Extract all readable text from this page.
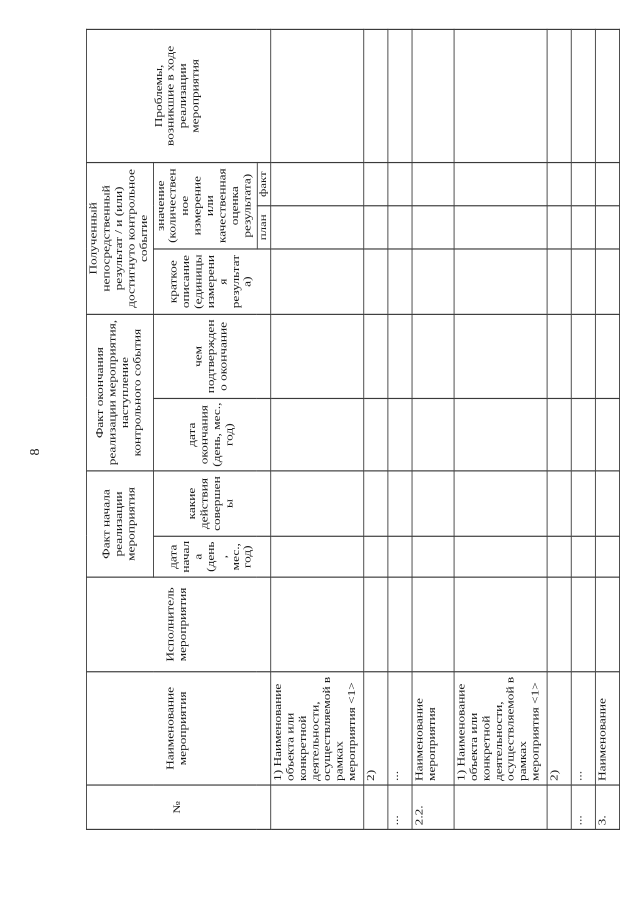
8
№	Наименование мероприятия	Исполнитель мероприятия	Факт начала реализации мероприятия		Факт окончания реализации мероприятия, наступление контрольного события		Полученный непосредственный результат / и (или) достигнуто контрольное событие			Проблемы, возникшие в ходе реализации мероприятия
			дата начала (день, мес., год)	какие действия совершены	дата окончания (день, мес., год)	чем подтверждено окончание	краткое описание (единицы измерения результата)	значение (количественное измерение или качественная оценка результата)		
								план	факт	
	1) Наименование объекта или конкретной деятельности, осуществляемой в рамках мероприятия <1>									
	2)									
...	...									
2.2.	Наименование мероприятия									
	1) Наименование объекта или конкретной деятельности, осуществляемой в рамках мероприятия <1>									
	2)									
...	...									
3.	Наименование									
